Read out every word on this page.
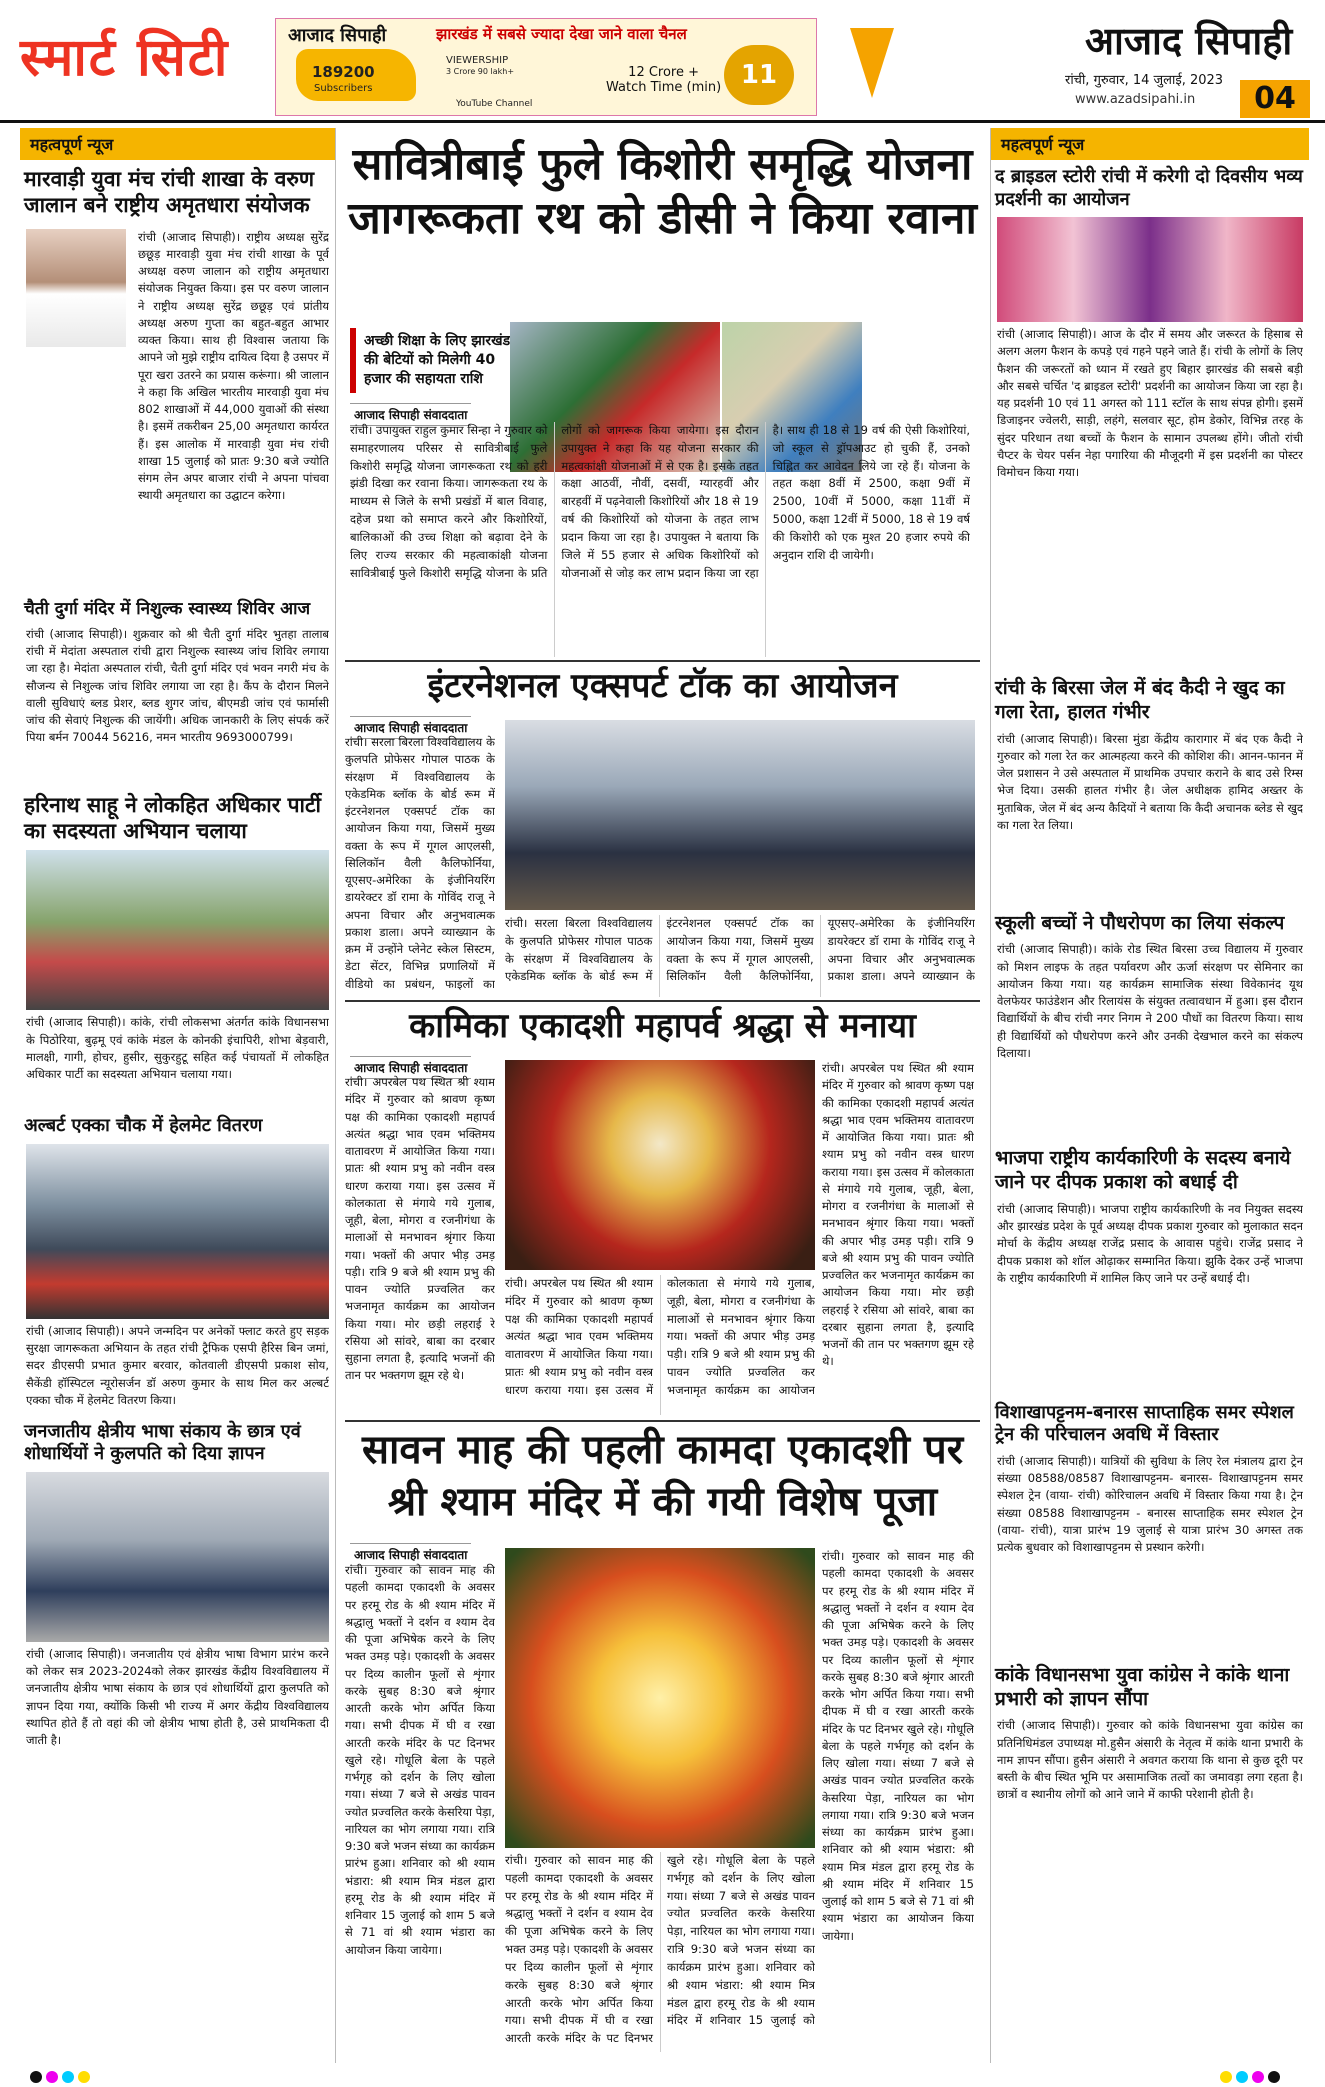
स्मार्ट सिटी	आजाद सिपाही	झारखंड में सबसे ज्यादा देखा जाने वाला चैनल
189200
Subscribers
VIEWERSHIP
3 Crore 90 lakh+
YouTube Channel
12 Crore +
Watch Time (min) 11
आजाद सिपाही
रांची, गुरुवार, 14 जुलाई, 2023
www.azadsipahi.in	04
महत्वपूर्ण न्यूज
मारवाड़ी युवा मंच रांची शाखा के वरुण जालान बने राष्ट्रीय अमृतधारा संयोजक
रांची (आजाद सिपाही)। राष्ट्रीय अध्यक्ष सुरेंद्र छछूड़ मारवाड़ी युवा मंच रांची शाखा के पूर्व अध्यक्ष वरुण जालान को राष्ट्रीय अमृतधारा संयोजक नियुक्त किया। इस पर वरुण जालान ने राष्ट्रीय अध्यक्ष सुरेंद्र छछूड़ एवं प्रांतीय अध्यक्ष अरुण गुप्ता का बहुत-बहुत आभार व्यक्त किया। साथ ही विश्वास जताया कि आपने जो मुझे राष्ट्रीय दायित्व दिया है उसपर में पूरा खरा उतरने का प्रयास करूंगा। श्री जालान ने कहा कि अखिल भारतीय मारवाड़ी युवा मंच 802 शाखाओं में 44,000 युवाओं की संस्था है। इसमें तकरीबन 25,00 अमृतधारा कार्यरत हैं। इस आलोक में मारवाड़ी युवा मंच रांची शाखा 15 जुलाई को प्रातः 9:30 बजे ज्योति संगम लेन अपर बाजार रांची ने अपना पांचवा स्थायी अमृतधारा का उद्घाटन करेगा।
चैती दुर्गा मंदिर में निशुल्क स्वास्थ्य शिविर आज
रांची (आजाद सिपाही)। शुक्रवार को श्री चैती दुर्गा मंदिर भुतहा तालाब रांची में मेदांता अस्पताल रांची द्वारा निशुल्क स्वास्थ्य जांच शिविर लगाया जा रहा है। मेदांता अस्पताल रांची, चैती दुर्गा मंदिर एवं भवन नगरी मंच के सौजन्य से निशुल्क जांच शिविर लगाया जा रहा है। कैंप के दौरान मिलने वाली सुविधाएं ब्लड प्रेशर, ब्लड शुगर जांच, बीएमडी जांच एवं फार्मासी जांच की सेवाएं निशुल्क की जायेंगी। अधिक जानकारी के लिए संपर्क करें पिया बर्मन 70044 56216, नमन भारतीय 9693000799।
हरिनाथ साहू ने लोकहित अधिकार पार्टी का सदस्यता अभियान चलाया
रांची (आजाद सिपाही)। कांके, रांची लोकसभा अंतर्गत कांके विधानसभा के पिठोरिया, बुढ़मू एवं कांके मंडल के कोनकी इंचापिरी, शोभा बेड़वारी, मालक्षी, गागी, होचर, हुसीर, सुकुरहुटू सहित कई पंचायतों में लोकहित अधिकार पार्टी का सदस्यता अभियान चलाया गया।
अल्बर्ट एक्का चौक में हेलमेट वितरण
रांची (आजाद सिपाही)। अपने जन्मदिन पर अनेकों फ्लाट करते हुए सड़क सुरक्षा जागरूकता अभियान के तहत रांची ट्रैफिक एसपी हैरिस बिन जमां, सदर डीएसपी प्रभात कुमार बरवार, कोतवाली डीएसपी प्रकाश सोय, सैकेंडी हॉस्पिटल न्यूरोसर्जन डॉ अरुण कुमार के साथ मिल कर अल्बर्ट एक्का चौक में हेलमेट वितरण किया।
जनजातीय क्षेत्रीय भाषा संकाय के छात्र एवं शोधार्थियों ने कुलपति को दिया ज्ञापन
रांची (आजाद सिपाही)। जनजातीय एवं क्षेत्रीय भाषा विभाग प्रारंभ करने को लेकर सत्र 2023-2024को लेकर झारखंड केंद्रीय विश्वविद्यालय में जनजातीय क्षेत्रीय भाषा संकाय के छात्र एवं शोधार्थियों द्वारा कुलपति को ज्ञापन दिया गया, क्योंकि किसी भी राज्य में अगर केंद्रीय विश्वविद्यालय स्थापित होते हैं तो वहां की जो क्षेत्रीय भाषा होती है, उसे प्राथमिकता दी जाती है।
सावित्रीबाई फुले किशोरी समृद्धि योजना
जागरूकता रथ को डीसी ने किया रवाना
अच्छी शिक्षा के लिए झारखंड की बेटियों को मिलेगी 40 हजार की सहायता राशि
आजाद सिपाही संवाददाता
रांची। उपायुक्त राहुल कुमार सिन्हा ने गुरुवार को समाहरणालय परिसर से सावित्रीबाई फुले किशोरी समृद्धि योजना जागरूकता रथ को हरी झंडी दिखा कर रवाना किया। जागरूकता रथ के माध्यम से जिले के सभी प्रखंडों में बाल विवाह, दहेज प्रथा को समाप्त करने और किशोरियों, बालिकाओं की उच्च शिक्षा को बढ़ावा देने के लिए राज्य सरकार की महत्वाकांक्षी योजना सावित्रीबाई फुले किशोरी समृद्धि योजना के प्रति लोगों को जागरूक किया जायेगा। इस दौरान उपायुक्त ने कहा कि यह योजना सरकार की महत्वकांक्षी योजनाओं में से एक है। इसके तहत कक्षा आठवीं, नौवीं, दसवीं, ग्यारहवीं और बारहवीं में पढ़नेवाली किशोरियों और 18 से 19 वर्ष की किशोरियों को योजना के तहत लाभ प्रदान किया जा रहा है। उपायुक्त ने बताया कि जिले में 55 हजार से अधिक किशोरियों को योजनाओं से जोड़ कर लाभ प्रदान किया जा रहा है। साथ ही 18 से 19 वर्ष की ऐसी किशोरियां, जो स्कूल से ड्रॉपआउट हो चुकी हैं, उनको चिह्नित कर आवेदन लिये जा रहे हैं। योजना के तहत कक्षा 8वीं में 2500, कक्षा 9वीं में 2500, 10वीं में 5000, कक्षा 11वीं में 5000, कक्षा 12वीं में 5000, 18 से 19 वर्ष की किशोरी को एक मुश्त 20 हजार रुपये की अनुदान राशि दी जायेगी।
इंटरनेशनल एक्सपर्ट टॉक का आयोजन
आजाद सिपाही संवाददाता
रांची। सरला बिरला विश्वविद्यालय के कुलपति प्रोफेसर गोपाल पाठक के संरक्षण में विश्वविद्यालय के एकेडमिक ब्लॉक के बोर्ड रूम में इंटरनेशनल एक्सपर्ट टॉक का आयोजन किया गया, जिसमें मुख्य वक्ता के रूप में गूगल आएलसी, सिलिकॉन वैली कैलिफोर्निया, यूएसए-अमेरिका के इंजीनियरिंग डायरेक्टर डॉ रामा के गोविंद राजू ने अपना विचार और अनुभवात्मक प्रकाश डाला। अपने व्याख्यान के क्रम में उन्होंने प्लेनेट स्केल सिस्टम, डेटा सेंटर, विभिन्न प्रणालियों में वीडियो का प्रबंधन, फाइलों का
रांची। सरला बिरला विश्वविद्यालय के कुलपति प्रोफेसर गोपाल पाठक के संरक्षण में विश्वविद्यालय के एकेडमिक ब्लॉक के बोर्ड रूम में इंटरनेशनल एक्सपर्ट टॉक का आयोजन किया गया, जिसमें मुख्य वक्ता के रूप में गूगल आएलसी, सिलिकॉन वैली कैलिफोर्निया, यूएसए-अमेरिका के इंजीनियरिंग डायरेक्टर डॉ रामा के गोविंद राजू ने अपना विचार और अनुभवात्मक प्रकाश डाला। अपने व्याख्यान के
कामिका एकादशी महापर्व श्रद्धा से मनाया
आजाद सिपाही संवाददाता
रांची। अपरबेल पथ स्थित श्री श्याम मंदिर में गुरुवार को श्रावण कृष्ण पक्ष की कामिका एकादशी महापर्व अत्यंत श्रद्धा भाव एवम भक्तिमय वातावरण में आयोजित किया गया। प्रातः श्री श्याम प्रभु को नवीन वस्त्र धारण कराया गया। इस उत्सव में कोलकाता से मंगाये गये गुलाब, जूही, बेला, मोगरा व रजनीगंधा के मालाओं से मनभावन श्रृंगार किया गया। भक्तों की अपार भीड़ उमड़ पड़ी। रात्रि 9 बजे श्री श्याम प्रभु की पावन ज्योति प्रज्वलित कर भजनामृत कार्यक्रम का आयोजन किया गया। मोर छड़ी लहराई रे रसिया ओ सांवरे, बाबा का दरबार सुहाना लगता है, इत्यादि भजनों की तान पर भक्तगण झूम रहे थे।
रांची। अपरबेल पथ स्थित श्री श्याम मंदिर में गुरुवार को श्रावण कृष्ण पक्ष की कामिका एकादशी महापर्व अत्यंत श्रद्धा भाव एवम भक्तिमय वातावरण में आयोजित किया गया। प्रातः श्री श्याम प्रभु को नवीन वस्त्र धारण कराया गया। इस उत्सव में कोलकाता से मंगाये गये गुलाब, जूही, बेला, मोगरा व रजनीगंधा के मालाओं से मनभावन श्रृंगार किया गया। भक्तों की अपार भीड़ उमड़ पड़ी। रात्रि 9 बजे श्री श्याम प्रभु की पावन ज्योति प्रज्वलित कर भजनामृत कार्यक्रम का आयोजन
रांची। अपरबेल पथ स्थित श्री श्याम मंदिर में गुरुवार को श्रावण कृष्ण पक्ष की कामिका एकादशी महापर्व अत्यंत श्रद्धा भाव एवम भक्तिमय वातावरण में आयोजित किया गया। प्रातः श्री श्याम प्रभु को नवीन वस्त्र धारण कराया गया। इस उत्सव में कोलकाता से मंगाये गये गुलाब, जूही, बेला, मोगरा व रजनीगंधा के मालाओं से मनभावन श्रृंगार किया गया। भक्तों की अपार भीड़ उमड़ पड़ी। रात्रि 9 बजे श्री श्याम प्रभु की पावन ज्योति प्रज्वलित कर भजनामृत कार्यक्रम का आयोजन किया गया। मोर छड़ी लहराई रे रसिया ओ सांवरे, बाबा का दरबार सुहाना लगता है, इत्यादि भजनों की तान पर भक्तगण झूम रहे थे।
सावन माह की पहली कामदा एकादशी पर
श्री श्याम मंदिर में की गयी विशेष पूजा
आजाद सिपाही संवाददाता
रांची। गुरुवार को सावन माह की पहली कामदा एकादशी के अवसर पर हरमू रोड के श्री श्याम मंदिर में श्रद्धालु भक्तों ने दर्शन व श्याम देव की पूजा अभिषेक करने के लिए भक्त उमड़ पड़े। एकादशी के अवसर पर दिव्य कालीन फूलों से शृंगार करके सुबह 8:30 बजे श्रृंगार आरती करके भोग अर्पित किया गया। सभी दीपक में घी व रखा आरती करके मंदिर के पट दिनभर खुले रहे। गोधूलि बेला के पहले गर्भगृह को दर्शन के लिए खोला गया। संध्या 7 बजे से अखंड पावन ज्योत प्रज्वलित करके केसरिया पेड़ा, नारियल का भोग लगाया गया। रात्रि 9:30 बजे भजन संध्या का कार्यक्रम प्रारंभ हुआ। शनिवार को श्री श्याम भंडारा: श्री श्याम मित्र मंडल द्वारा हरमू रोड के श्री श्याम मंदिर में शनिवार 15 जुलाई को शाम 5 बजे से 71 वां श्री श्याम भंडारा का आयोजन किया जायेगा।
रांची। गुरुवार को सावन माह की पहली कामदा एकादशी के अवसर पर हरमू रोड के श्री श्याम मंदिर में श्रद्धालु भक्तों ने दर्शन व श्याम देव की पूजा अभिषेक करने के लिए भक्त उमड़ पड़े। एकादशी के अवसर पर दिव्य कालीन फूलों से शृंगार करके सुबह 8:30 बजे श्रृंगार आरती करके भोग अर्पित किया गया। सभी दीपक में घी व रखा आरती करके मंदिर के पट दिनभर खुले रहे। गोधूलि बेला के पहले गर्भगृह को दर्शन के लिए खोला गया। संध्या 7 बजे से अखंड पावन ज्योत प्रज्वलित करके केसरिया पेड़ा, नारियल का भोग लगाया गया। रात्रि 9:30 बजे भजन संध्या का कार्यक्रम प्रारंभ हुआ। शनिवार को श्री श्याम भंडारा: श्री श्याम मित्र मंडल द्वारा हरमू रोड के श्री श्याम मंदिर में शनिवार 15 जुलाई को
रांची। गुरुवार को सावन माह की पहली कामदा एकादशी के अवसर पर हरमू रोड के श्री श्याम मंदिर में श्रद्धालु भक्तों ने दर्शन व श्याम देव की पूजा अभिषेक करने के लिए भक्त उमड़ पड़े। एकादशी के अवसर पर दिव्य कालीन फूलों से शृंगार करके सुबह 8:30 बजे श्रृंगार आरती करके भोग अर्पित किया गया। सभी दीपक में घी व रखा आरती करके मंदिर के पट दिनभर खुले रहे। गोधूलि बेला के पहले गर्भगृह को दर्शन के लिए खोला गया। संध्या 7 बजे से अखंड पावन ज्योत प्रज्वलित करके केसरिया पेड़ा, नारियल का भोग लगाया गया। रात्रि 9:30 बजे भजन संध्या का कार्यक्रम प्रारंभ हुआ। शनिवार को श्री श्याम भंडारा: श्री श्याम मित्र मंडल द्वारा हरमू रोड के श्री श्याम मंदिर में शनिवार 15 जुलाई को शाम 5 बजे से 71 वां श्री श्याम भंडारा का आयोजन किया जायेगा।
महत्वपूर्ण न्यूज
द ब्राइडल स्टोरी रांची में करेगी दो दिवसीय भव्य प्रदर्शनी का आयोजन
रांची (आजाद सिपाही)। आज के दौर में समय और जरूरत के हिसाब से अलग अलग फैशन के कपड़े एवं गहने पहने जाते हैं। रांची के लोगों के लिए फैशन की जरूरतों को ध्यान में रखते हुए बिहार झारखंड की सबसे बड़ी और सबसे चर्चित 'द ब्राइडल स्टोरी' प्रदर्शनी का आयोजन किया जा रहा है। यह प्रदर्शनी 10 एवं 11 अगस्त को 111 स्टॉल के साथ संपन्न होगी। इसमें डिजाइनर ज्वेलरी, साड़ी, लहंगे, सलवार सूट, होम डेकोर, विभिन्न तरह के सुंदर परिधान तथा बच्चों के फैशन के सामान उपलब्ध होंगे। जीतो रांची चैप्टर के चेयर पर्सन नेहा पगारिया की मौजूदगी में इस प्रदर्शनी का पोस्टर विमोचन किया गया।
रांची के बिरसा जेल में बंद कैदी ने खुद का गला रेता, हालत गंभीर
रांची (आजाद सिपाही)। बिरसा मुंडा केंद्रीय कारागार में बंद एक कैदी ने गुरुवार को गला रेत कर आत्महत्या करने की कोशिश की। आनन-फानन में जेल प्रशासन ने उसे अस्पताल में प्राथमिक उपचार कराने के बाद उसे रिम्स भेज दिया। उसकी हालत गंभीर है। जेल अधीक्षक हामिद अख्तर के मुताबिक, जेल में बंद अन्य कैदियों ने बताया कि कैदी अचानक ब्लेड से खुद का गला रेत लिया।
स्कूली बच्चों ने पौधरोपण का लिया संकल्प
रांची (आजाद सिपाही)। कांके रोड स्थित बिरसा उच्च विद्यालय में गुरुवार को मिशन लाइफ के तहत पर्यावरण और ऊर्जा संरक्षण पर सेमिनार का आयोजन किया गया। यह कार्यक्रम सामाजिक संस्था विवेकानंद यूथ वेलफेयर फाउंडेशन और रिलायंस के संयुक्त तत्वावधान में हुआ। इस दौरान विद्यार्थियों के बीच रांची नगर निगम ने 200 पौधों का वितरण किया। साथ ही विद्यार्थियों को पौधरोपण करने और उनकी देखभाल करने का संकल्प दिलाया।
भाजपा राष्ट्रीय कार्यकारिणी के सदस्य बनाये जाने पर दीपक प्रकाश को बधाई दी
रांची (आजाद सिपाही)। भाजपा राष्ट्रीय कार्यकारिणी के नव नियुक्त सदस्य और झारखंड प्रदेश के पूर्व अध्यक्ष दीपक प्रकाश गुरुवार को मुलाकात सदन मोर्चा के केंद्रीय अध्यक्ष राजेंद्र प्रसाद के आवास पहुंचे। राजेंद्र प्रसाद ने दीपक प्रकाश को शॉल ओढ़ाकर सम्मानित किया। झुकेि देकर उन्हें भाजपा के राष्ट्रीय कार्यकारिणी में शामिल किए जाने पर उन्हें बधाई दी।
विशाखापट्टनम-बनारस साप्ताहिक समर स्पेशल ट्रेन की परिचालन अवधि में विस्तार
रांची (आजाद सिपाही)। यात्रियों की सुविधा के लिए रेल मंत्रालय द्वारा ट्रेन संख्या 08588/08587 विशाखापट्टनम- बनारस- विशाखापट्टनम समर स्पेशल ट्रेन (वाया- रांची) कोरिचालन अवधि में विस्तार किया गया है। ट्रेन संख्या 08588 विशाखापट्टनम - बनारस साप्ताहिक समर स्पेशल ट्रेन (वाया- रांची), यात्रा प्रारंभ 19 जुलाई से यात्रा प्रारंभ 30 अगस्त तक प्रत्येक बुधवार को विशाखापट्टनम से प्रस्थान करेगी।
कांके विधानसभा युवा कांग्रेस ने कांके थाना प्रभारी को ज्ञापन सौंपा
रांची (आजाद सिपाही)। गुरुवार को कांके विधानसभा युवा कांग्रेस का प्रतिनिधिमंडल उपाध्यक्ष मो.हुसैन अंसारी के नेतृत्व में कांके थाना प्रभारी के नाम ज्ञापन सौंपा। हुसैन अंसारी ने अवगत कराया कि थाना से कुछ दूरी पर बस्ती के बीच स्थित भूमि पर असामाजिक तत्वों का जमावड़ा लगा रहता है। छात्रों व स्थानीय लोगों को आने जाने में काफी परेशानी होती है।
